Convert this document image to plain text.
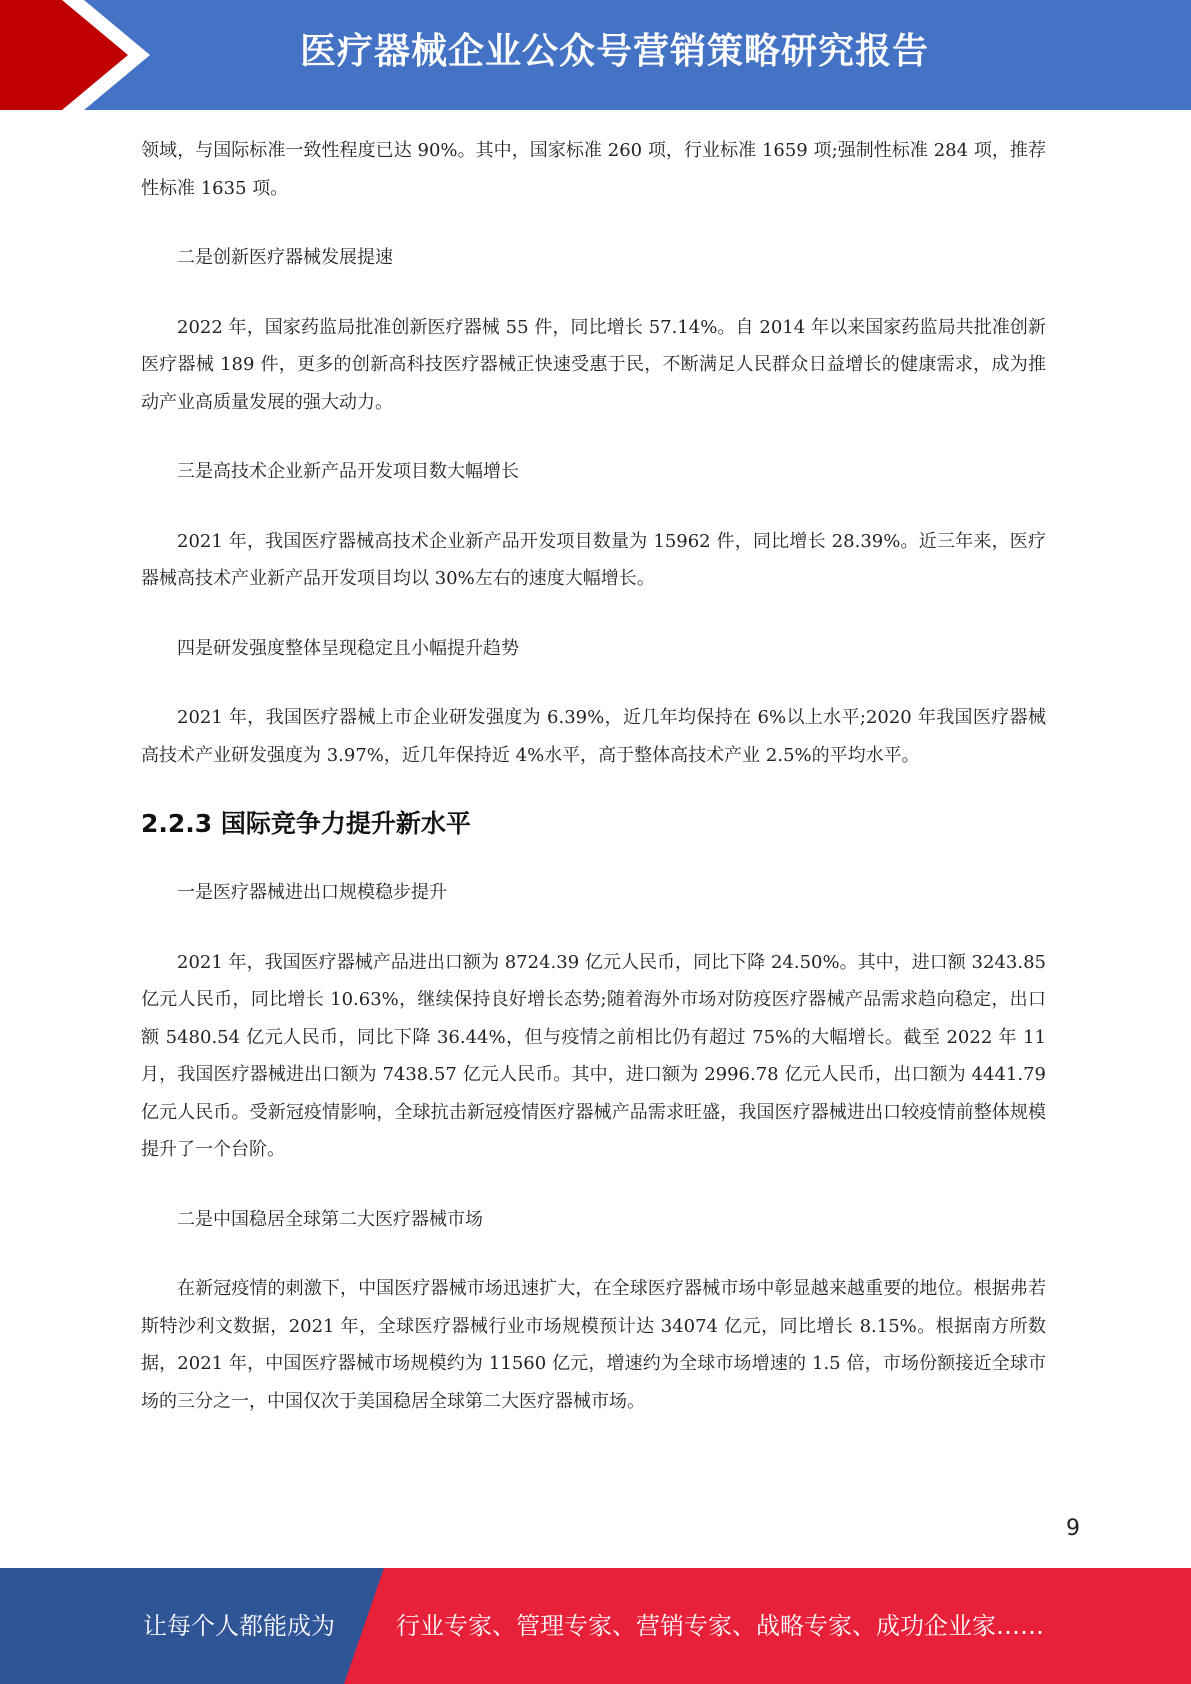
医疗器械企业公众号营销策略研究报告

领域，与国际标准一致性程度已达 90%。其中，国家标准 260 项，行业标准 1659 项;强制性标准 284 项，推荐性标准 1635 项。

二是创新医疗器械发展提速

2022 年，国家药监局批准创新医疗器械 55 件，同比增长 57.14%。自 2014 年以来国家药监局共批准创新医疗器械 189 件，更多的创新高科技医疗器械正快速受惠于民，不断满足人民群众日益增长的健康需求，成为推动产业高质量发展的强大动力。

三是高技术企业新产品开发项目数大幅增长

2021 年，我国医疗器械高技术企业新产品开发项目数量为 15962 件，同比增长 28.39%。近三年来，医疗器械高技术产业新产品开发项目均以 30%左右的速度大幅增长。

四是研发强度整体呈现稳定且小幅提升趋势

2021 年，我国医疗器械上市企业研发强度为 6.39%，近几年均保持在 6%以上水平;2020 年我国医疗器械高技术产业研发强度为 3.97%，近几年保持近 4%水平，高于整体高技术产业 2.5%的平均水平。

2.2.3 国际竞争力提升新水平

一是医疗器械进出口规模稳步提升

2021 年，我国医疗器械产品进出口额为 8724.39 亿元人民币，同比下降 24.50%。其中，进口额 3243.85 亿元人民币，同比增长 10.63%，继续保持良好增长态势;随着海外市场对防疫医疗器械产品需求趋向稳定，出口额 5480.54 亿元人民币，同比下降 36.44%，但与疫情之前相比仍有超过 75%的大幅增长。截至 2022 年 11 月，我国医疗器械进出口额为 7438.57 亿元人民币。其中，进口额为 2996.78 亿元人民币，出口额为 4441.79 亿元人民币。受新冠疫情影响，全球抗击新冠疫情医疗器械产品需求旺盛，我国医疗器械进出口较疫情前整体规模提升了一个台阶。

二是中国稳居全球第二大医疗器械市场

在新冠疫情的刺激下，中国医疗器械市场迅速扩大，在全球医疗器械市场中彰显越来越重要的地位。根据弗若斯特沙利文数据，2021 年，全球医疗器械行业市场规模预计达 34074 亿元，同比增长 8.15%。根据南方所数据，2021 年，中国医疗器械市场规模约为 11560 亿元，增速约为全球市场增速的 1.5 倍，市场份额接近全球市场的三分之一，中国仅次于美国稳居全球第二大医疗器械市场。

9
让每个人都能成为	行业专家、管理专家、营销专家、战略专家、成功企业家……
